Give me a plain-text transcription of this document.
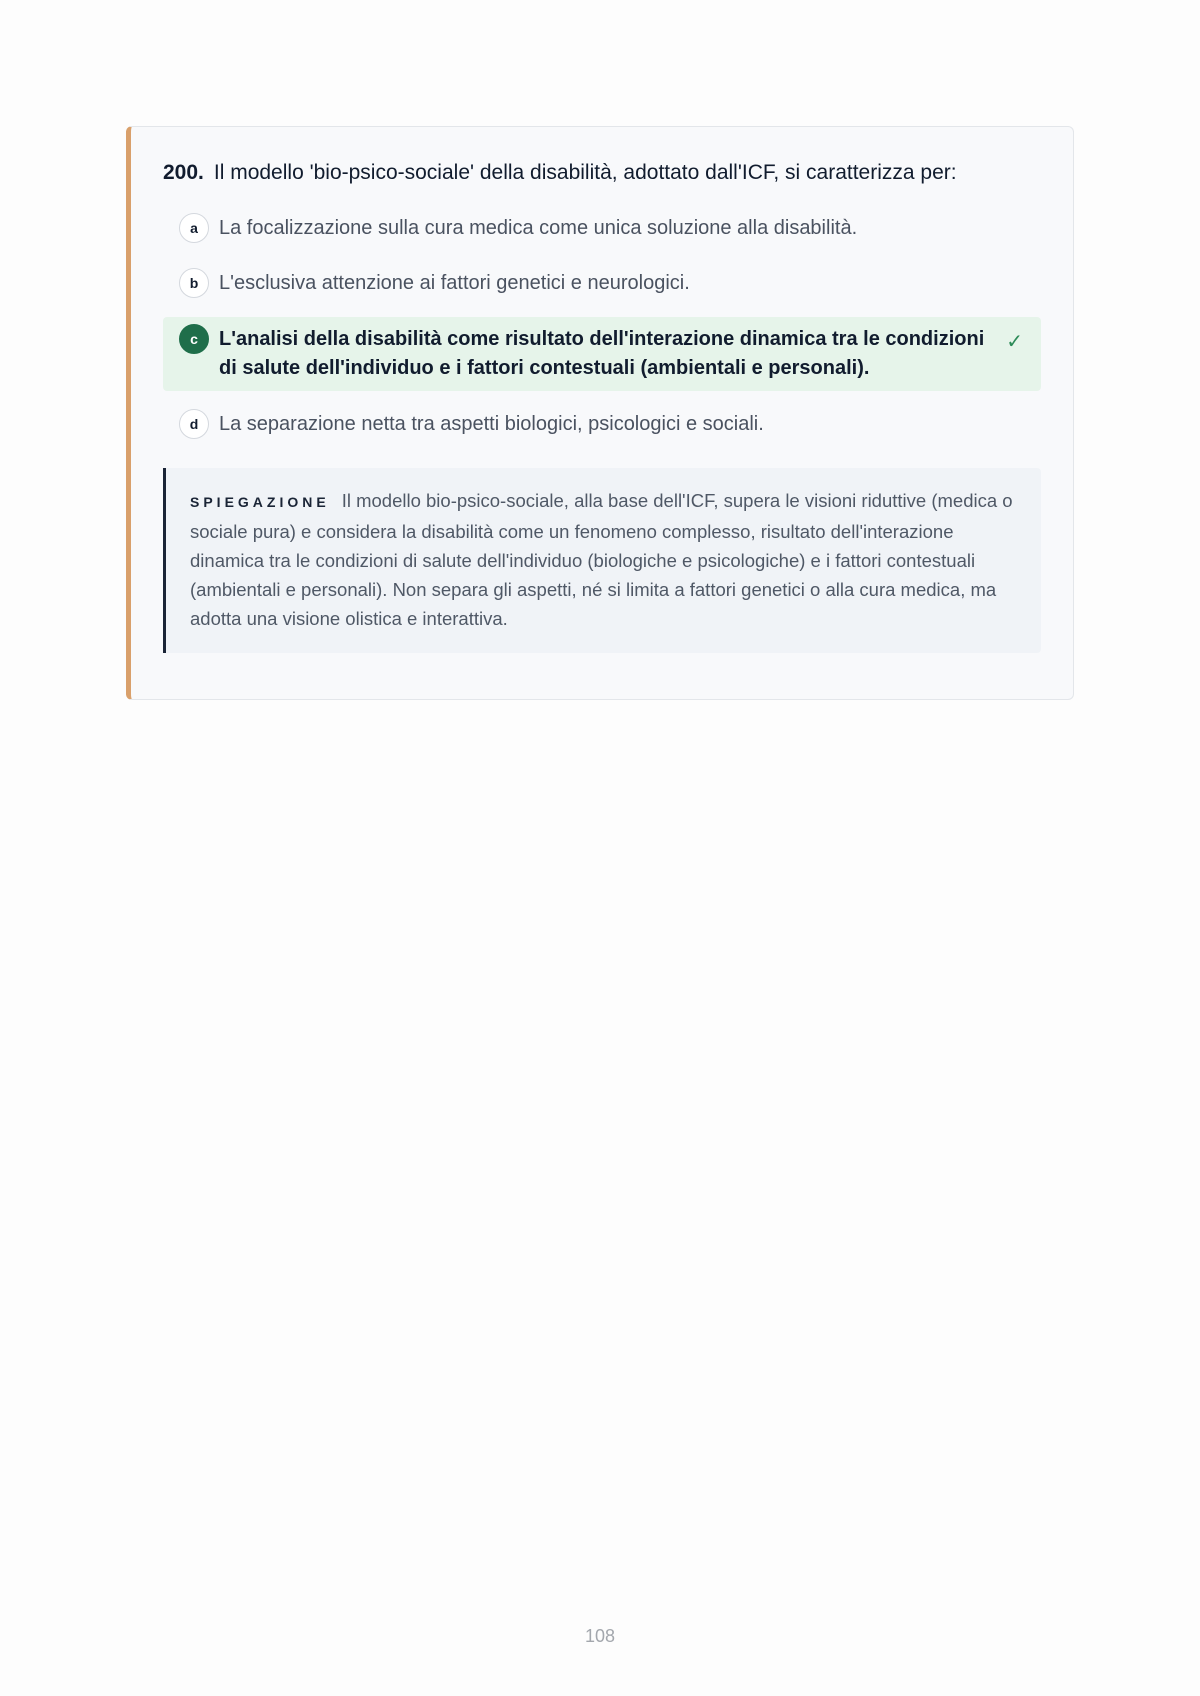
200. Il modello 'bio-psico-sociale' della disabilità, adottato dall'ICF, si caratterizza per:

a	La focalizzazione sulla cura medica come unica soluzione alla disabilità.
b	L'esclusiva attenzione ai fattori genetici e neurologici.
c	L'analisi della disabilità come risultato dell'interazione dinamica tra le condizioni di salute dell'individuo e i fattori contestuali (ambientali e personali).
✓
d	La separazione netta tra aspetti biologici, psicologici e sociali.
SPIEGAZIONE Il modello bio-psico-sociale, alla base dell'ICF, supera le visioni riduttive (medica o sociale pura) e considera la disabilità come un fenomeno complesso, risultato dell'interazione dinamica tra le condizioni di salute dell'individuo (biologiche e psicologiche) e i fattori contestuali (ambientali e personali). Non separa gli aspetti, né si limita a fattori genetici o alla cura medica, ma adotta una visione olistica e interattiva.
108
